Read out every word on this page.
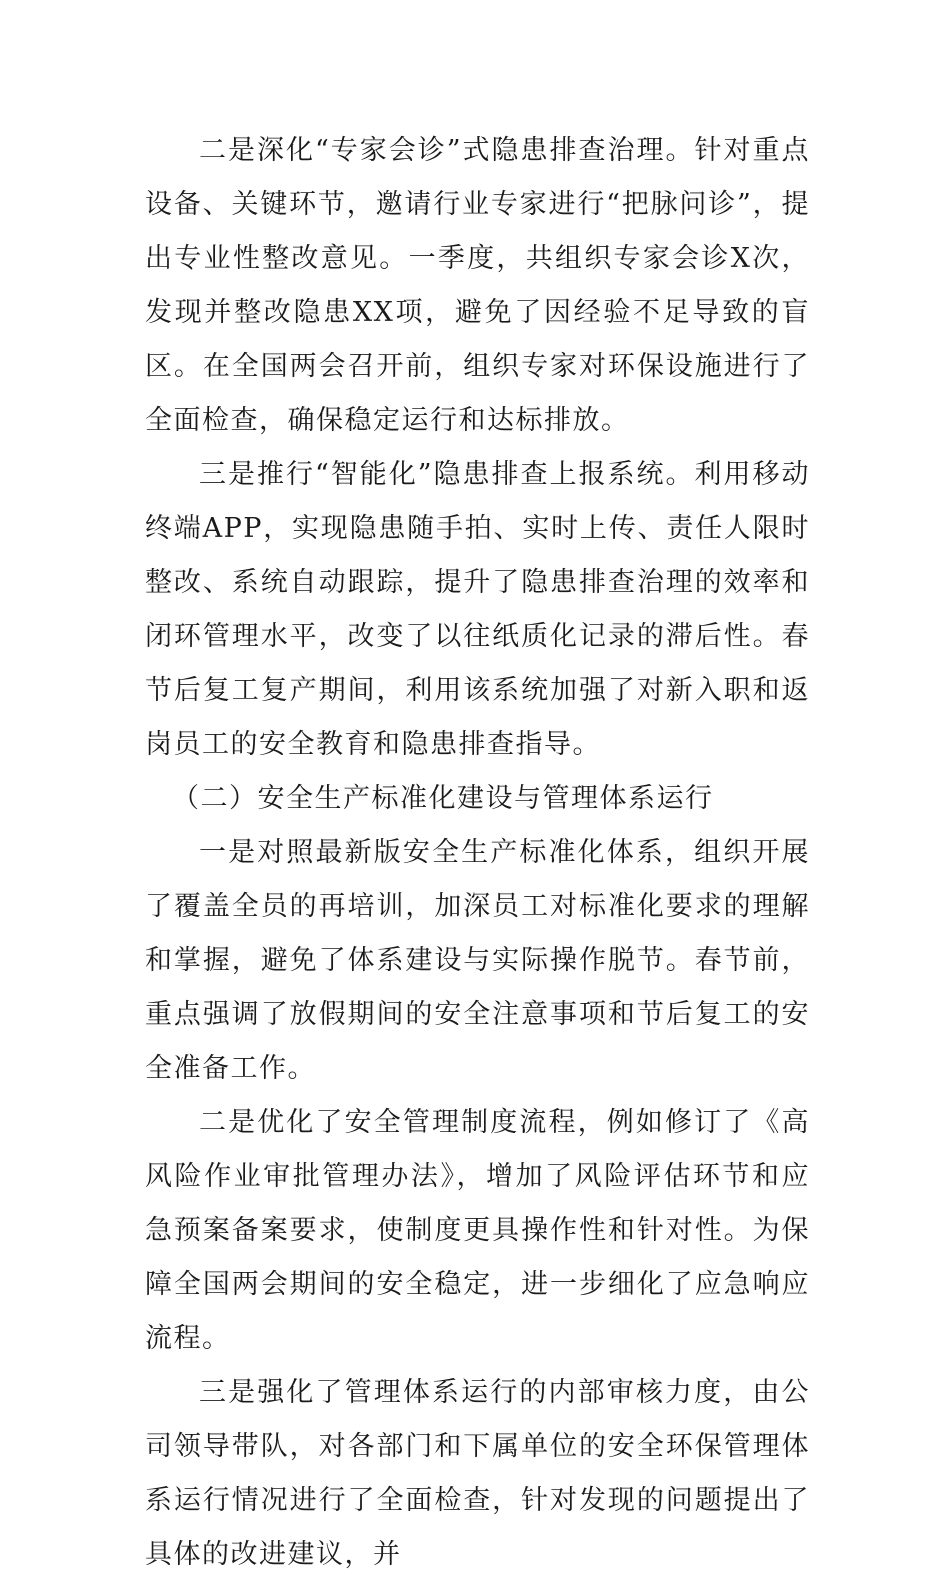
二是深化“专家会诊”式隐患排查治理。针对重点设备、关键环节，邀请行业专家进行“把脉问诊”，提出专业性整改意见。一季度，共组织专家会诊X次，发现并整改隐患XX项，避免了因经验不足导致的盲区。在全国两会召开前，组织专家对环保设施进行了全面检查，确保稳定运行和达标排放。

三是推行“智能化”隐患排查上报系统。利用移动终端APP，实现隐患随手拍、实时上传、责任人限时整改、系统自动跟踪，提升了隐患排查治理的效率和闭环管理水平，改变了以往纸质化记录的滞后性。春节后复工复产期间，利用该系统加强了对新入职和返岗员工的安全教育和隐患排查指导。

（二）安全生产标准化建设与管理体系运行

一是对照最新版安全生产标准化体系，组织开展了覆盖全员的再培训，加深员工对标准化要求的理解和掌握，避免了体系建设与实际操作脱节。春节前，重点强调了放假期间的安全注意事项和节后复工的安全准备工作。

二是优化了安全管理制度流程，例如修订了《高风险作业审批管理办法》，增加了风险评估环节和应急预案备案要求，使制度更具操作性和针对性。为保障全国两会期间的安全稳定，进一步细化了应急响应流程。

三是强化了管理体系运行的内部审核力度，由公司领导带队，对各部门和下属单位的安全环保管理体系运行情况进行了全面检查，针对发现的问题提出了具体的改进建议，并
